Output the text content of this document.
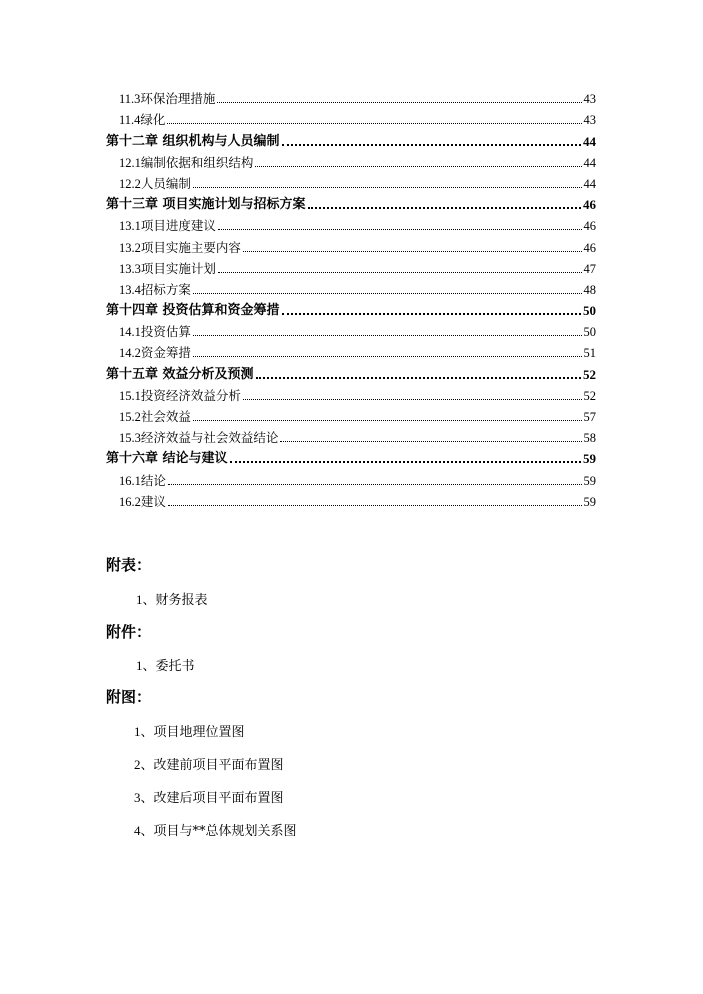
11.3环保治理措施	43
11.4绿化	43
第十二章 组织机构与人员编制	44
12.1编制依据和组织结构	44
12.2人员编制	44
第十三章 项目实施计划与招标方案	46
13.1项目进度建议	46
13.2项目实施主要内容	46
13.3项目实施计划	47
13.4招标方案	48
第十四章 投资估算和资金筹措	50
14.1投资估算	50
14.2资金筹措	51
第十五章 效益分析及预测	52
15.1投资经济效益分析	52
15.2社会效益	57
15.3经济效益与社会效益结论	58
第十六章 结论与建议	59
16.1结论	59
16.2建议	59
附表：
1、财务报表
附件：
1、委托书
附图：
1、项目地理位置图
2、改建前项目平面布置图
3、改建后项目平面布置图
4、项目与**总体规划关系图
